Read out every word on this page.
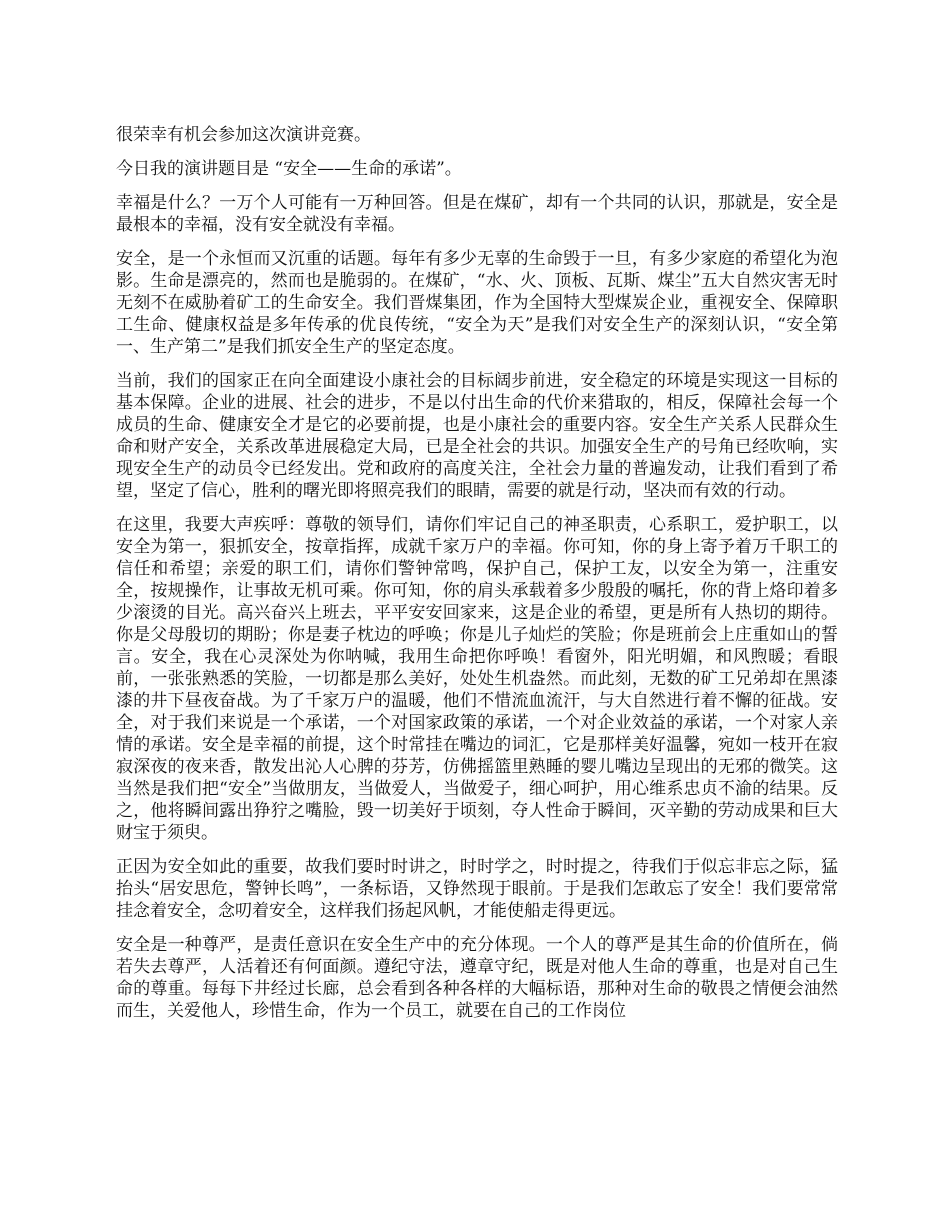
很荣幸有机会参加这次演讲竞赛。

今日我的演讲题目是 “安全——生命的承诺”。

幸福是什么？一万个人可能有一万种回答。但是在煤矿，却有一个共同的认识，那就是，安全是最根本的幸福，没有安全就没有幸福。

安全，是一个永恒而又沉重的话题。每年有多少无辜的生命毁于一旦，有多少家庭的希望化为泡影。生命是漂亮的，然而也是脆弱的。在煤矿，“水、火、顶板、瓦斯、煤尘”五大自然灾害无时无刻不在威胁着矿工的生命安全。我们晋煤集团，作为全国特大型煤炭企业，重视安全、保障职工生命、健康权益是多年传承的优良传统，“安全为天”是我们对安全生产的深刻认识，“安全第一、生产第二”是我们抓安全生产的坚定态度。

当前，我们的国家正在向全面建设小康社会的目标阔步前进，安全稳定的环境是实现这一目标的基本保障。企业的进展、社会的进步，不是以付出生命的代价来猎取的，相反，保障社会每一个成员的生命、健康安全才是它的必要前提，也是小康社会的重要内容。安全生产关系人民群众生命和财产安全，关系改革进展稳定大局，已是全社会的共识。加强安全生产的号角已经吹响，实现安全生产的动员令已经发出。党和政府的高度关注，全社会力量的普遍发动，让我们看到了希望，坚定了信心，胜利的曙光即将照亮我们的眼睛，需要的就是行动，坚决而有效的行动。

在这里，我要大声疾呼：尊敬的领导们，请你们牢记自己的神圣职责，心系职工，爱护职工，以安全为第一，狠抓安全，按章指挥，成就千家万户的幸福。你可知，你的身上寄予着万千职工的信任和希望；亲爱的职工们，请你们警钟常鸣，保护自己，保护工友，以安全为第一，注重安全，按规操作，让事故无机可乘。你可知，你的肩头承载着多少殷殷的嘱托，你的背上烙印着多少滚烫的目光。高兴奋兴上班去，平平安安回家来，这是企业的希望，更是所有人热切的期待。你是父母殷切的期盼；你是妻子枕边的呼唤；你是儿子灿烂的笑脸；你是班前会上庄重如山的誓言。安全，我在心灵深处为你呐喊，我用生命把你呼唤！看窗外，阳光明媚，和风煦暖；看眼前，一张张熟悉的笑脸，一切都是那么美好，处处生机盎然。而此刻，无数的矿工兄弟却在黑漆漆的井下昼夜奋战。为了千家万户的温暖，他们不惜流血流汗，与大自然进行着不懈的征战。安全，对于我们来说是一个承诺，一个对国家政策的承诺，一个对企业效益的承诺，一个对家人亲情的承诺。安全是幸福的前提，这个时常挂在嘴边的词汇，它是那样美好温馨，宛如一枝开在寂寂深夜的夜来香，散发出沁人心脾的芬芳，仿佛摇篮里熟睡的婴儿嘴边呈现出的无邪的微笑。这当然是我们把“安全”当做朋友，当做爱人，当做爱子，细心呵护，用心维系忠贞不渝的结果。反之，他将瞬间露出狰狞之嘴脸，毁一切美好于顷刻，夺人性命于瞬间，灭辛勤的劳动成果和巨大财宝于须臾。

正因为安全如此的重要，故我们要时时讲之，时时学之，时时提之，待我们于似忘非忘之际，猛抬头“居安思危，警钟长鸣”，一条标语，又铮然现于眼前。于是我们怎敢忘了安全！我们要常常挂念着安全，念叨着安全，这样我们扬起风帆，才能使船走得更远。

安全是一种尊严，是责任意识在安全生产中的充分体现。一个人的尊严是其生命的价值所在，倘若失去尊严，人活着还有何面颜。遵纪守法，遵章守纪，既是对他人生命的尊重，也是对自己生命的尊重。每每下井经过长廊，总会看到各种各样的大幅标语，那种对生命的敬畏之情便会油然而生，关爱他人，珍惜生命，作为一个员工，就要在自己的工作岗位
